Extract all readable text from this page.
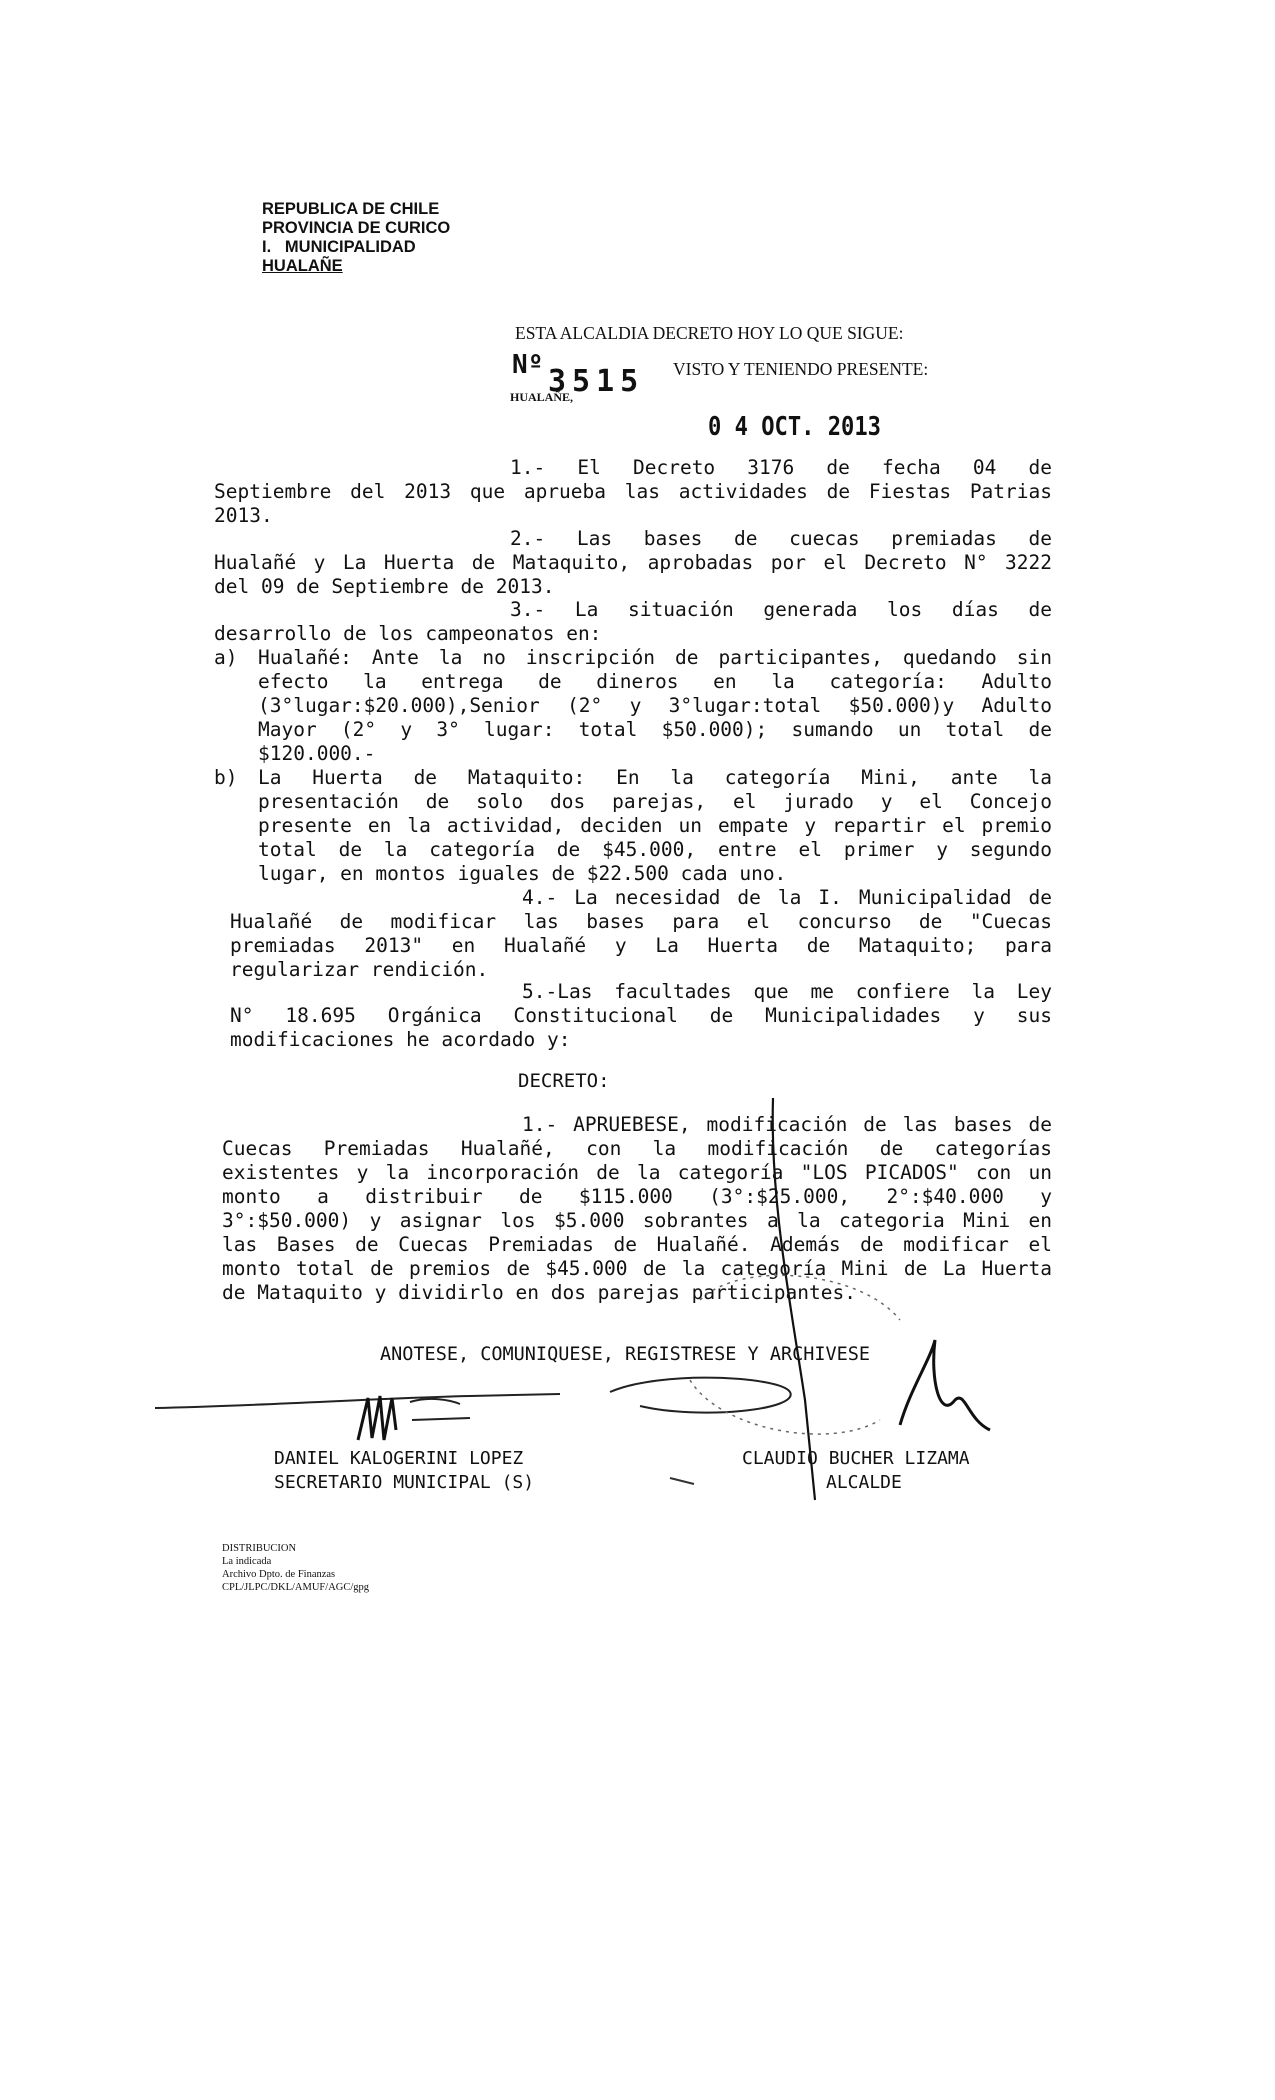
REPUBLICA DE CHILE
PROVINCIA DE CURICO
I.   MUNICIPALIDAD
HUALAÑE
ESTA ALCALDIA DECRETO HOY LO QUE SIGUE:
Nº 3515
HUALAÑE,
VISTO Y TENIENDO PRESENTE:
0 4 OCT. 2013
1.- El Decreto 3176 de fecha 04 de
Septiembre del 2013 que aprueba las actividades de Fiestas Patrias
2013.
2.- Las bases de cuecas premiadas de
Hualañé y La Huerta de Mataquito, aprobadas por el Decreto N° 3222
del 09 de Septiembre de 2013.
3.- La situación generada los días de
desarrollo de los campeonatos en:
a)	Hualañé: Ante la no inscripción de participantes, quedando sin
efecto la entrega de dineros en la categoría: Adulto
(3°lugar:$20.000),Senior (2° y 3°lugar:total $50.000)y Adulto
Mayor (2° y 3° lugar: total $50.000); sumando un total de
$120.000.-
b)	La Huerta de Mataquito: En la categoría Mini, ante la
presentación de solo dos parejas, el jurado y el Concejo
presente en la actividad, deciden un empate y repartir el premio
total de la categoría de $45.000, entre el primer y segundo
lugar, en montos iguales de $22.500 cada uno.
4.- La necesidad de la I. Municipalidad de
Hualañé de modificar las bases para el concurso de "Cuecas
premiadas 2013" en Hualañé y La Huerta de Mataquito; para
regularizar rendición.
5.-Las facultades que me confiere la Ley
N° 18.695 Orgánica Constitucional de Municipalidades y sus
modificaciones he acordado y:
DECRETO:
1.- APRUEBESE, modificación de las bases de
Cuecas Premiadas Hualañé, con la modificación de categorías
existentes y la incorporación de la categoría "LOS PICADOS" con un
monto a distribuir de $115.000 (3°:$25.000, 2°:$40.000 y
3°:$50.000) y asignar los $5.000 sobrantes a la categoria Mini en
las Bases de Cuecas Premiadas de Hualañé. Además de modificar el
monto total de premios de $45.000 de la categoría Mini de La Huerta
de Mataquito y dividirlo en dos parejas participantes.
ANOTESE, COMUNIQUESE, REGISTRESE Y ARCHIVESE
DANIEL KALOGERINI LOPEZ
SECRETARIO MUNICIPAL (S)
CLAUDIO BUCHER LIZAMA
ALCALDE
DISTRIBUCION
La indicada
Archivo Dpto. de Finanzas
CPL/JLPC/DKL/AMUF/AGC/gpg
